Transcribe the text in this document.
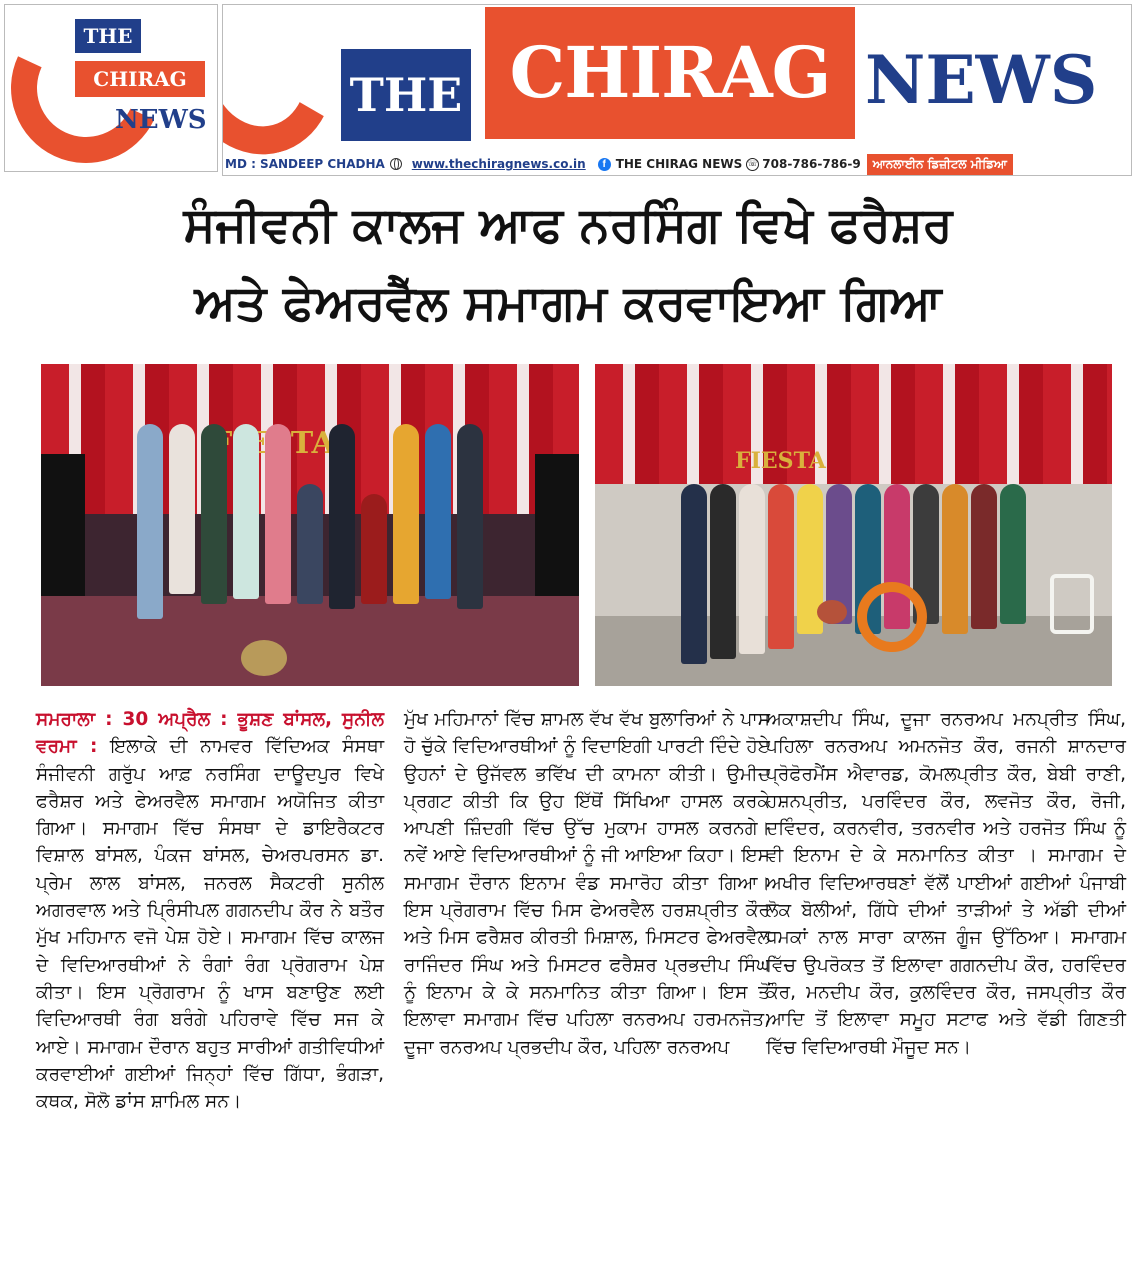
THE
CHIRAG
NEWS	THE CHIRAG NEWS
MD : SANDEEP CHADHA www.thechiragnews.co.in	f THE CHIRAG NEWS ☏ 708-786-786-9	ਆਨਲਾਈਨ ਡਿਜ਼ੀਟਲ ਮੀਡਿਆ
ਸੰਜੀਵਨੀ ਕਾਲਜ ਆਫ ਨਰਸਿੰਗ ਵਿਖੇ ਫਰੈਸ਼ਰ
ਅਤੇ ਫੇਅਰਵੈੱਲ ਸਮਾਗਮ ਕਰਵਾਇਆ ਗਿਆ
FIESTA
ਸਮਰਾਲਾ : 30 ਅਪ੍ਰੈਲ : ਭੂਸ਼ਣ ਬਾਂਸਲ, ਸੁਨੀਲ ਵਰਮਾ : ਇਲਾਕੇ ਦੀ ਨਾਮਵਰ ਵਿੱਦਿਅਕ ਸੰਸਥਾ ਸੰਜੀਵਨੀ ਗਰੁੱਪ ਆਫ਼ ਨਰਸਿੰਗ ਦਾਊਦਪੁਰ ਵਿਖੇ ਫਰੈਸ਼ਰ ਅਤੇ ਫੇਅਰਵੈਲ ਸਮਾਗਮ ਅਯੋਜਿਤ ਕੀਤਾ ਗਿਆ। ਸਮਾਗਮ ਵਿੱਚ ਸੰਸਥਾ ਦੇ ਡਾਇਰੈਕਟਰ ਵਿਸ਼ਾਲ ਬਾਂਸਲ, ਪੰਕਜ ਬਾਂਸਲ, ਚੇਅਰਪਰਸਨ ਡਾ. ਪ੍ਰੇਮ ਲਾਲ ਬਾਂਸਲ, ਜਨਰਲ ਸੈਕਟਰੀ ਸੁਨੀਲ ਅਗਰਵਾਲ ਅਤੇ ਪ੍ਰਿੰਸੀਪਲ ਗਗਨਦੀਪ ਕੌਰ ਨੇ ਬਤੌਰ ਮੁੱਖ ਮਹਿਮਾਨ ਵਜੋ ਪੇਸ਼ ਹੋਏ। ਸਮਾਗਮ ਵਿੱਚ ਕਾਲਜ ਦੇ ਵਿਦਿਆਰਥੀਆਂ ਨੇ ਰੰਗਾਂ ਰੰਗ ਪ੍ਰੋਗਰਾਮ ਪੇਸ਼ ਕੀਤਾ। ਇਸ ਪ੍ਰੋਗਰਾਮ ਨੂੰ ਖਾਸ ਬਣਾਉਣ ਲਈ ਵਿਦਿਆਰਥੀ ਰੰਗ ਬਰੰਗੇ ਪਹਿਰਾਵੇ ਵਿੱਚ ਸਜ ਕੇ ਆਏ। ਸਮਾਗਮ ਦੌਰਾਨ ਬਹੁਤ ਸਾਰੀਆਂ ਗਤੀਵਿਧੀਆਂ ਕਰਵਾਈਆਂ ਗਈਆਂ ਜਿਨ੍ਹਾਂ ਵਿੱਚ ਗਿੱਧਾ, ਭੰਗੜਾ, ਕਥਕ, ਸੋਲੋ ਡਾਂਸ ਸ਼ਾਮਿਲ ਸਨ।
ਮੁੱਖ ਮਹਿਮਾਨਾਂ ਵਿੱਚ ਸ਼ਾਮਲ ਵੱਖ ਵੱਖ ਬੁਲਾਰਿਆਂ ਨੇ ਪਾਸ ਹੋ ਚੁੱਕੇ ਵਿਦਿਆਰਥੀਆਂ ਨੂੰ ਵਿਦਾਇਗੀ ਪਾਰਟੀ ਦਿੰਦੇ ਹੋਏ ਉਹਨਾਂ ਦੇ ਉਜੱਵਲ ਭਵਿੱਖ ਦੀ ਕਾਮਨਾ ਕੀਤੀ। ਉਮੀਦ ਪ੍ਰਗਟ ਕੀਤੀ ਕਿ ਉਹ ਇੱਥੋਂ ਸਿੱਖਿਆ ਹਾਸਲ ਕਰਕੇ ਆਪਣੀ ਜ਼ਿੰਦਗੀ ਵਿੱਚ ਉੱਚ ਮੁਕਾਮ ਹਾਸਲ ਕਰਨਗੇ। ਨਵੇਂ ਆਏ ਵਿਦਿਆਰਥੀਆਂ ਨੂੰ ਜੀ ਆਇਆ ਕਿਹਾ। ਇਸ ਸਮਾਗਮ ਦੌਰਾਨ ਇਨਾਮ ਵੰਡ ਸਮਾਰੋਹ ਕੀਤਾ ਗਿਆ। ਇਸ ਪ੍ਰੋਗਰਾਮ ਵਿੱਚ ਮਿਸ ਫੇਅਰਵੈਲ ਹਰਸ਼ਪ੍ਰੀਤ ਕੌਰ ਅਤੇ ਮਿਸ ਫਰੈਸ਼ਰ ਕੀਰਤੀ ਮਿਸ਼ਾਲ, ਮਿਸਟਰ ਫੇਅਰਵੈਲ ਰਾਜਿੰਦਰ ਸਿੰਘ ਅਤੇ ਮਿਸਟਰ ਫਰੈਸ਼ਰ ਪ੍ਰਭਦੀਪ ਸਿੰਘ ਨੂੰ ਇਨਾਮ ਕੇ ਕੇ ਸਨਮਾਨਿਤ ਕੀਤਾ ਗਿਆ। ਇਸ ਤੋਂ ਇਲਾਵਾ ਸਮਾਗਮ ਵਿੱਚ ਪਹਿਲਾ ਰਨਰਅਪ ਹਰਮਨਜੋਤ, ਦੂਜਾ ਰਨਰਅਪ ਪ੍ਰਭਦੀਪ ਕੌਰ, ਪਹਿਲਾ ਰਨਰਅਪ
ਅਕਾਸ਼ਦੀਪ ਸਿੰਘ, ਦੂਜਾ ਰਨਰਅਪ ਮਨਪ੍ਰੀਤ ਸਿੰਘ, ਪਹਿਲਾ ਰਨਰਅਪ ਅਮਨਜੋਤ ਕੌਰ, ਰਜਨੀ ਸ਼ਾਨਦਾਰ ਪ੍ਰੋਫੋਰਮੈਂਸ ਐਵਾਰਡ, ਕੋਮਲਪ੍ਰੀਤ ਕੌਰ, ਬੇਬੀ ਰਾਣੀ, ਹਸ਼ਨਪ੍ਰੀਤ, ਪਰਵਿੰਦਰ ਕੌਰ, ਲਵਜੋਤ ਕੌਰ, ਰੋਜੀ, ਦਵਿੰਦਰ, ਕਰਨਵੀਰ, ਤਰਨਵੀਰ ਅਤੇ ਹਰਜੋਤ ਸਿੰਘ ਨੂੰ ਵੀ ਇਨਾਮ ਦੇ ਕੇ ਸਨਮਾਨਿਤ ਕੀਤਾ । ਸਮਾਗਮ ਦੇ ਅਖੀਰ ਵਿਦਿਆਰਥਣਾਂ ਵੱਲੋਂ ਪਾਈਆਂ ਗਈਆਂ ਪੰਜਾਬੀ ਲੋਕ ਬੋਲੀਆਂ, ਗਿੱਧੇ ਦੀਆਂ ਤਾੜੀਆਂ ਤੇ ਅੱਡੀ ਦੀਆਂ ਧਮਕਾਂ ਨਾਲ ਸਾਰਾ ਕਾਲਜ ਗੂੰਜ ਉੱਠਿਆ। ਸਮਾਗਮ ਵਿੱਚ ਉਪਰੋਕਤ ਤੋਂ ਇਲਾਵਾ ਗਗਨਦੀਪ ਕੌਰ, ਹਰਵਿੰਦਰ ਕੌਰ, ਮਨਦੀਪ ਕੌਰ, ਕੁਲਵਿੰਦਰ ਕੌਰ, ਜਸਪ੍ਰੀਤ ਕੌਰ ਆਦਿ ਤੋਂ ਇਲਾਵਾ ਸਮੂਹ ਸਟਾਫ ਅਤੇ ਵੱਡੀ ਗਿਣਤੀ ਵਿੱਚ ਵਿਦਿਆਰਥੀ ਮੌਜੂਦ ਸਨ।
